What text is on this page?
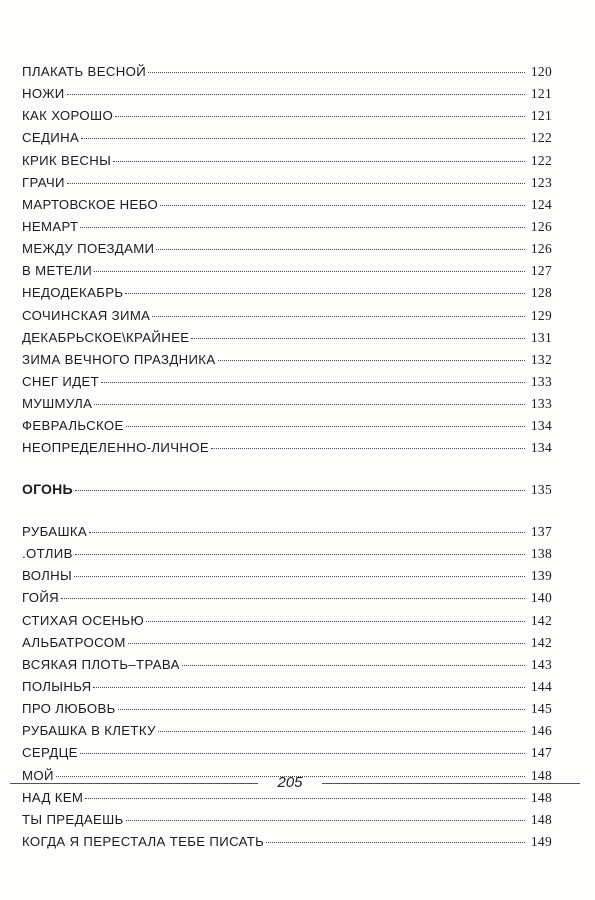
ПЛАКАТЬ ВЕСНОЙ	120
НОЖИ	121
КАК ХОРОШО	121
СЕДИНА	122
КРИК ВЕСНЫ	122
ГРАЧИ	123
МАРТОВСКОЕ НЕБО	124
НЕМАРТ	126
МЕЖДУ ПОЕЗДАМИ	126
В МЕТЕЛИ	127
НЕДОДЕКАБРЬ	128
СОЧИНСКАЯ ЗИМА	129
ДЕКАБРЬСКОЕ\КРАЙНЕЕ	131
ЗИМА ВЕЧНОГО ПРАЗДНИКА	132
СНЕГ ИДЕТ	133
МУШМУЛА	133
ФЕВРАЛЬСКОЕ	134
НЕОПРЕДЕЛЕННО-ЛИЧНОЕ	134
ОГОНЬ	135
РУБАШКА	137
.ОТЛИВ	138
ВОЛНЫ	139
ГОЙЯ	140
СТИХАЯ ОСЕНЬЮ	142
АЛЬБАТРОСОМ	142
ВСЯКАЯ ПЛОТЬ–ТРАВА	143
ПОЛЫНЬЯ	144
ПРО ЛЮБОВЬ	145
РУБАШКА В КЛЕТКУ	146
СЕРДЦЕ	147
МОЙ	148
НАД КЕМ	148
ТЫ ПРЕДАЕШЬ	148
КОГДА Я ПЕРЕСТАЛА ТЕБЕ ПИСАТЬ	149
205
